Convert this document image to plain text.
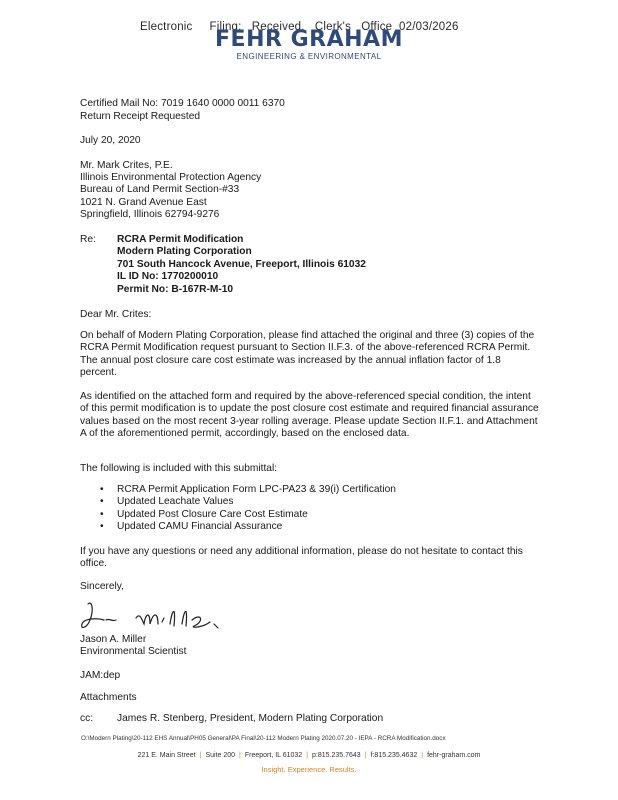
Electronic     Filing:   Received,   Clerk's   Office  02/03/2026
FEHR GRAHAM
ENGINEERING & ENVIRONMENTAL
Certified Mail No: 7019 1640 0000 0011 6370
Return Receipt Requested
July 20, 2020
Mr. Mark Crites, P.E.
Illinois Environmental Protection Agency
Bureau of Land Permit Section-#33
1021 N. Grand Avenue East
Springfield, Illinois 62794-9276
Re: RCRA Permit Modification
Modern Plating Corporation
701 South Hancock Avenue, Freeport, Illinois 61032
IL ID No: 1770200010
Permit No: B-167R-M-10
Dear Mr. Crites:
On behalf of Modern Plating Corporation, please find attached the original and three (3) copies of the RCRA Permit Modification request pursuant to Section II.F.3. of the above-referenced RCRA Permit. The annual post closure care cost estimate was increased by the annual inflation factor of 1.8 percent.
As identified on the attached form and required by the above-referenced special condition, the intent of this permit modification is to update the post closure cost estimate and required financial assurance values based on the most recent 3-year rolling average. Please update Section II.F.1. and Attachment A of the aforementioned permit, accordingly, based on the enclosed data.
The following is included with this submittal:
• RCRA Permit Application Form LPC-PA23 & 39(i) Certification
• Updated Leachate Values
• Updated Post Closure Care Cost Estimate
• Updated CAMU Financial Assurance
If you have any questions or need any additional information, please do not hesitate to contact this office.
Sincerely,
Jason A. Miller
Environmental Scientist
JAM:dep
Attachments
cc: James R. Stenberg, President, Modern Plating Corporation
O:\Modern Plating\20-112 EHS Annual\PH05 General\PA Final\20-112 Modern Plating 2020.07.20 - IEPA - RCRA Modification.docx
221 E. Main Street | Suite 200 | Freeport, IL 61032 | p:815.235.7643 | f:815.235.4632 | fehr-graham.com
Insight. Experience. Results.
